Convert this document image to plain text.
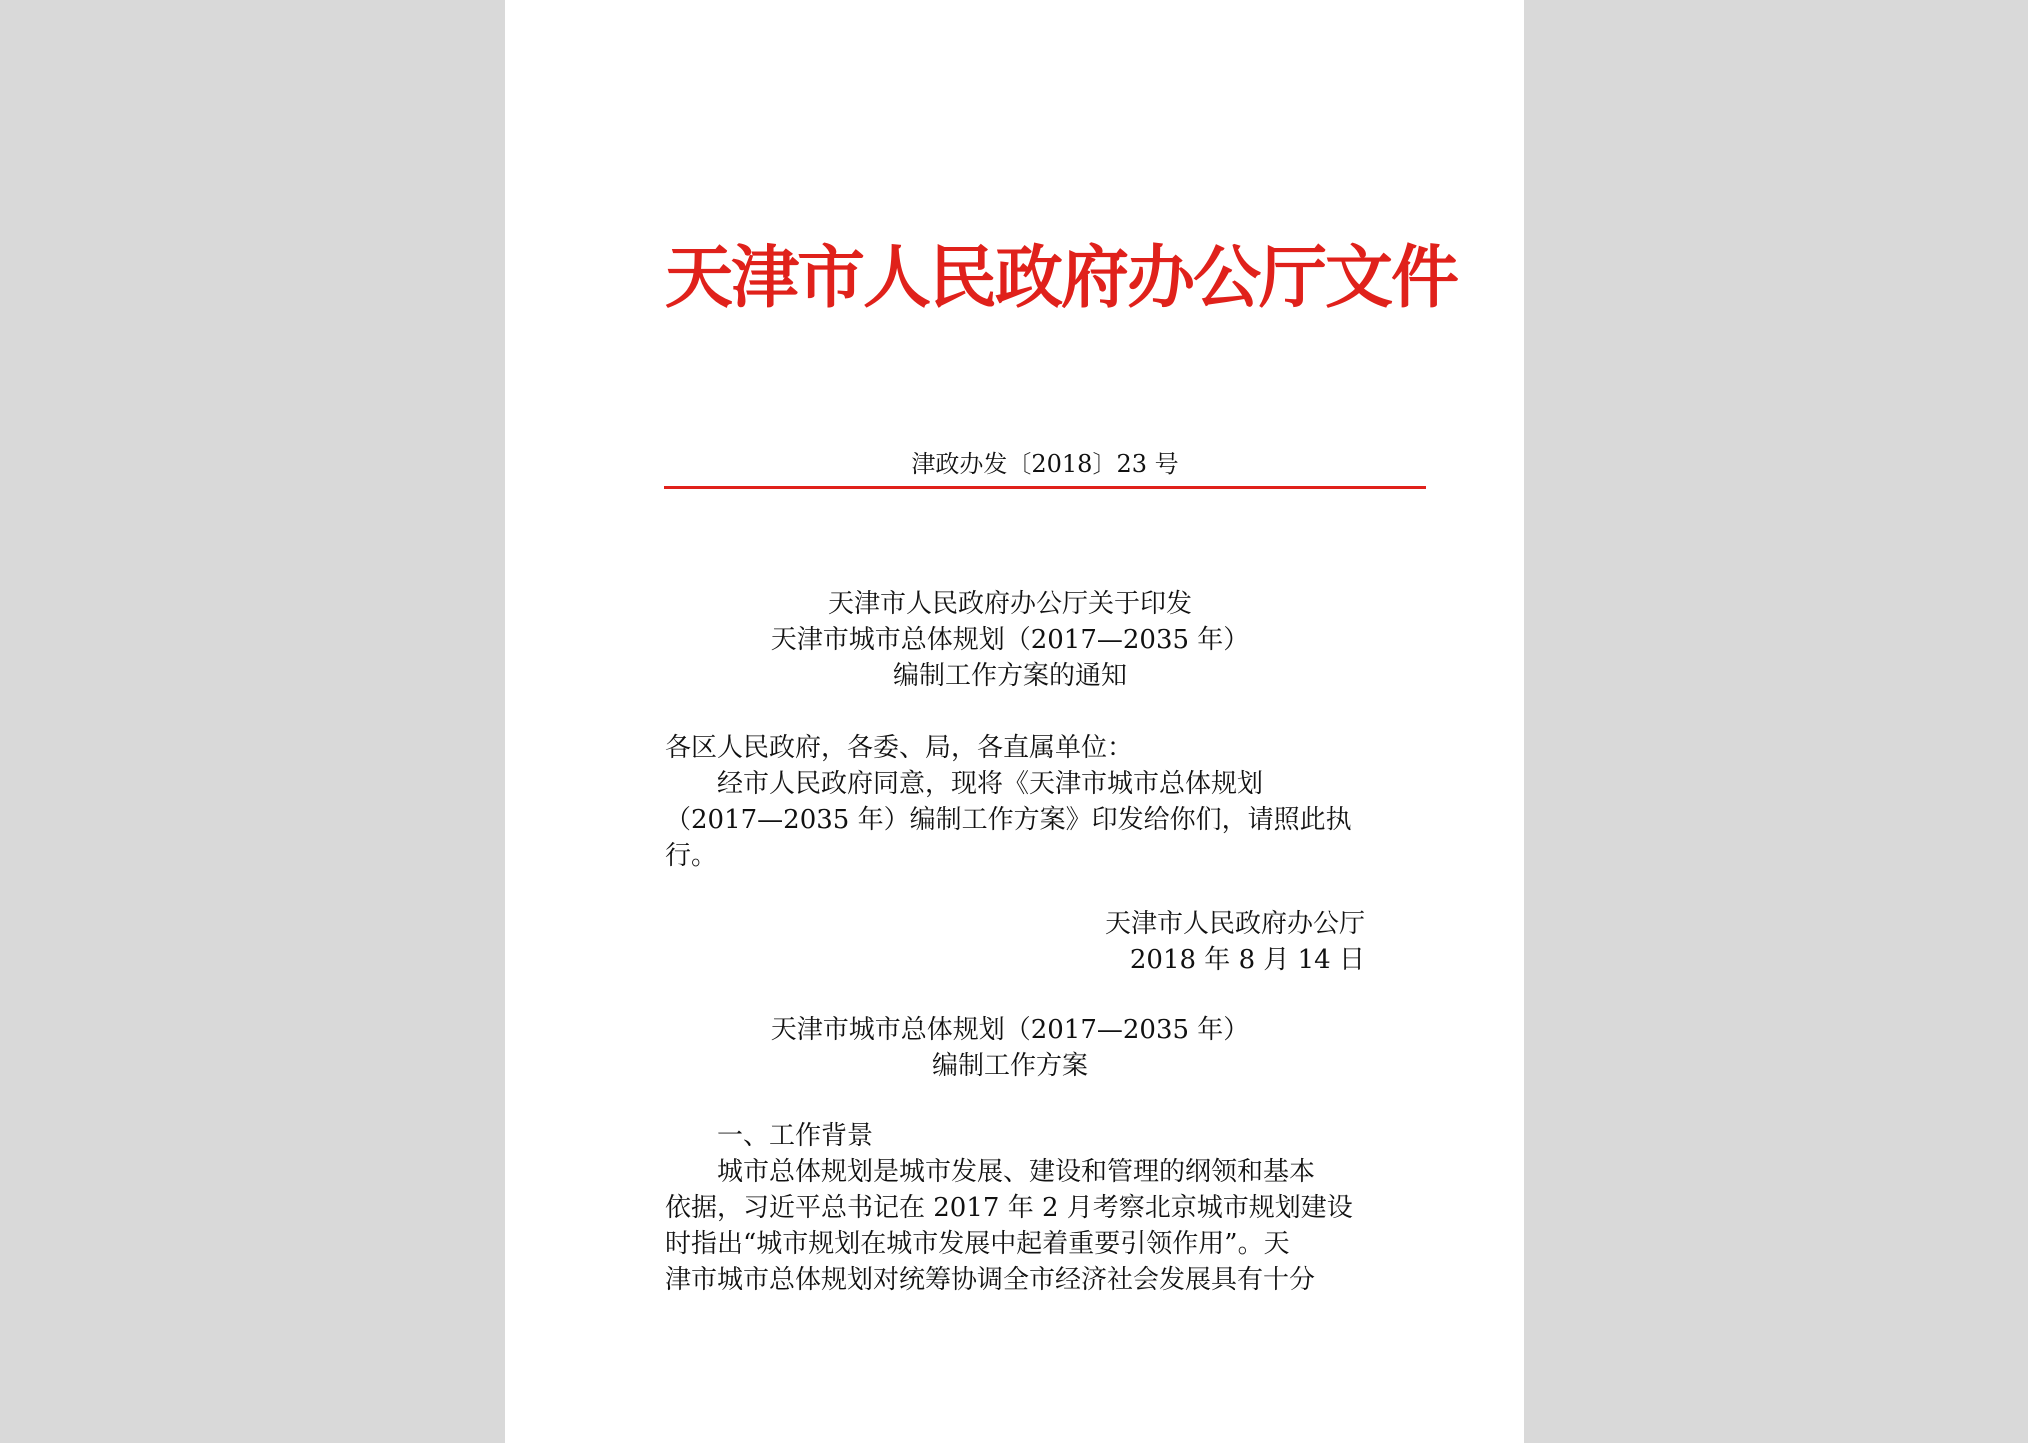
天津市人民政府办公厅文件
津政办发〔2018〕23 号
天津市人民政府办公厅关于印发
天津市城市总体规划（2017—2035 年）
编制工作方案的通知
各区人民政府，各委、局，各直属单位：
经市人民政府同意，现将《天津市城市总体规划
（2017—2035 年）编制工作方案》印发给你们，请照此执
行。
天津市人民政府办公厅
2018 年 8 月 14 日
天津市城市总体规划（2017—2035 年）
编制工作方案
一、工作背景
城市总体规划是城市发展、建设和管理的纲领和基本
依据，习近平总书记在 2017 年 2 月考察北京城市规划建设
时指出“城市规划在城市发展中起着重要引领作用”。天
津市城市总体规划对统筹协调全市经济社会发展具有十分
